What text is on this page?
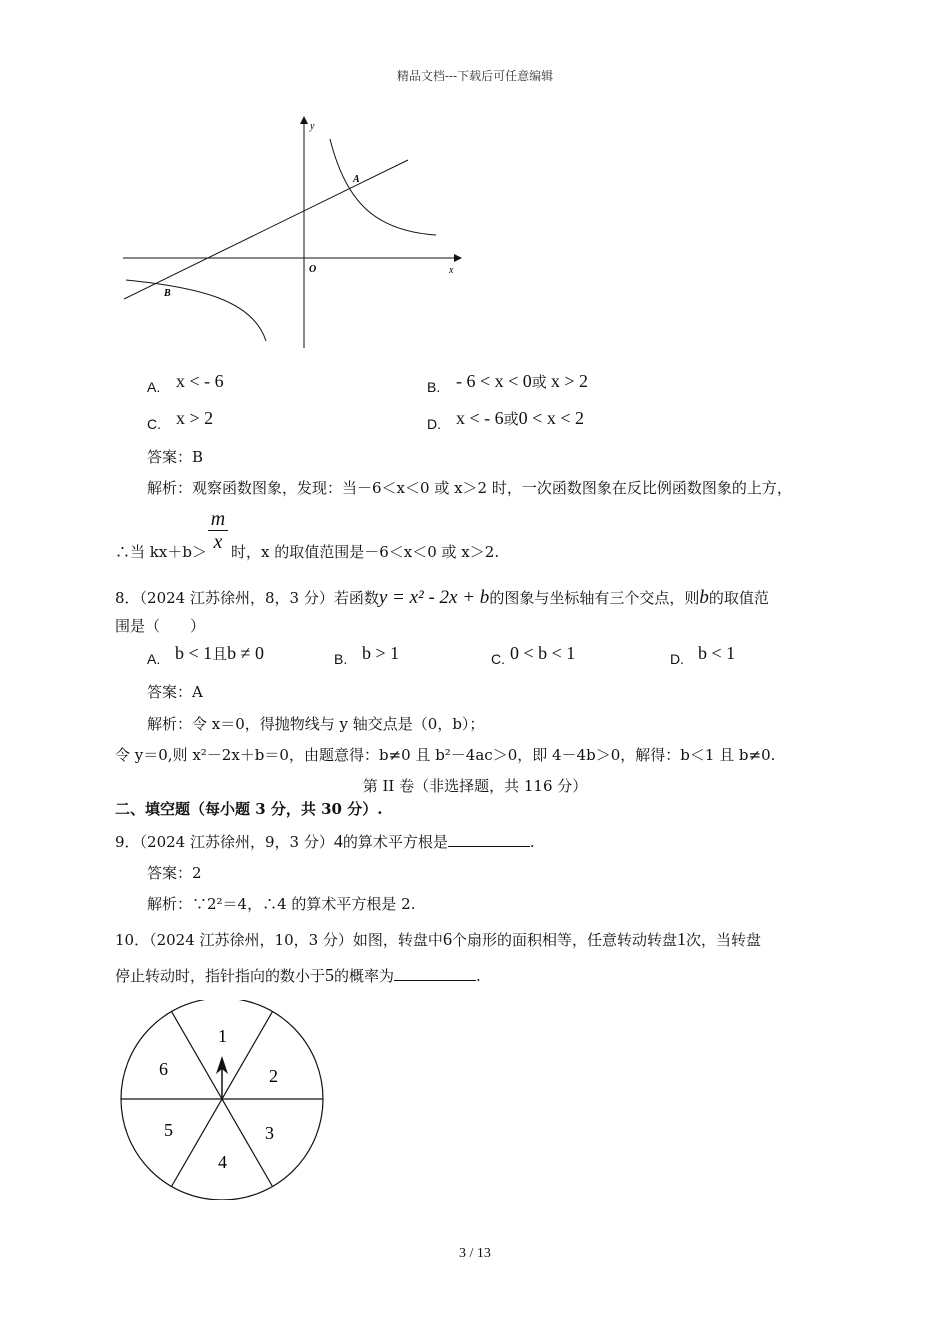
精品文档---下载后可任意编辑
y
x
O
A
B
A. x < - 6	B. - 6 < x < 0或 x > 2
C. x > 2	D. x < - 6或0 < x < 2
答案：B
解析：观察函数图象，发现：当－6＜x＜0 或 x＞2 时，一次函数图象在反比例函数图象的上方，
∴当 kx＋b＞
m
x 时，x 的取值范围是－6＜x＜0 或 x＞2.
8．（2024 江苏徐州，8，3 分）若函数y = x² - 2x + b的图象与坐标轴有三个交点，则b的取值范
围是（　　）
A. b < 1且b ≠ 0	B. b > 1	C. 0 < b < 1	D. b < 1
答案：A
解析：令 x＝0，得抛物线与 y 轴交点是（0，b）；
令 y＝0,则 x²－2x＋b＝0，由题意得：b≠0 且 b²－4ac＞0，即 4－4b＞0，解得：b＜1 且 b≠0.
第 II 卷（非选择题，共 116 分）
二、填空题（每小题 3 分，共 30 分）.
9．（2024 江苏徐州，9，3 分）4的算术平方根是	.
答案：2
解析：∵2²＝4，∴4 的算术平方根是 2.
10．（2024 江苏徐州，10，3 分）如图，转盘中6个扇形的面积相等，任意转动转盘1次，当转盘
停止转动时，指针指向的数小于5的概率为	.
1
2
3
4
5
6
3 / 13
